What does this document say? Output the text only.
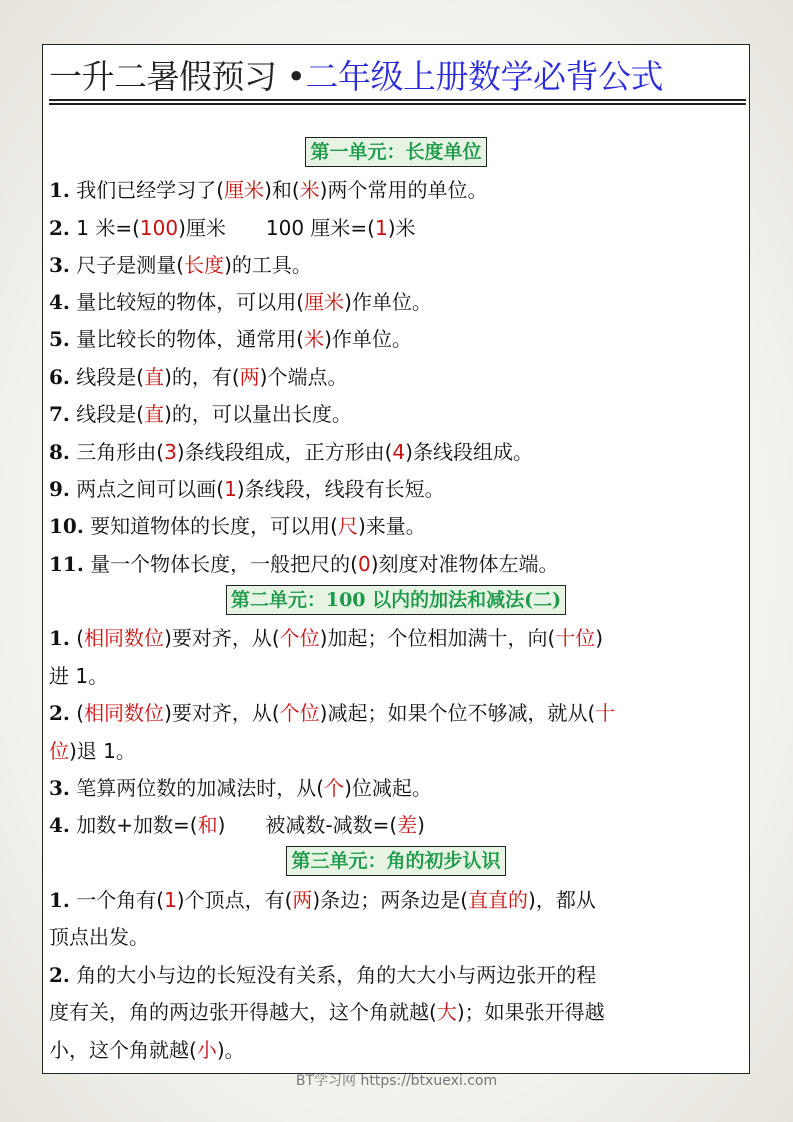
一升二暑假预习 •二年级上册数学必背公式
第一单元：长度单位
第二单元：100 以内的加法和减法(二)
第三单元：角的初步认识
1. 我们已经学习了(厘米)和(米)两个常用的单位。
2. 1 米=(100)厘米 100 厘米=(1)米
3. 尺子是测量(长度)的工具。
4. 量比较短的物体，可以用(厘米)作单位。
5. 量比较长的物体，通常用(米)作单位。
6. 线段是(直)的，有(两)个端点。
7. 线段是(直)的，可以量出长度。
8. 三角形由(3)条线段组成，正方形由(4)条线段组成。
9. 两点之间可以画(1)条线段，线段有长短。
10. 要知道物体的长度，可以用(尺)来量。
11. 量一个物体长度，一般把尺的(0)刻度对准物体左端。
1. (相同数位)要对齐，从(个位)加起；个位相加满十，向(十位)
进 1。
2. (相同数位)要对齐，从(个位)减起；如果个位不够减，就从(十
位)退 1。
3. 笔算两位数的加减法时，从(个)位减起。
4. 加数+加数=(和) 被减数-减数=(差)
1. 一个角有(1)个顶点，有(两)条边；两条边是(直直的)，都从
顶点出发。
2. 角的大小与边的长短没有关系，角的大大小与两边张开的程
度有关，角的两边张开得越大，这个角就越(大)；如果张开得越
小，这个角就越(小)。
BT学习网 https://btxuexi.com
